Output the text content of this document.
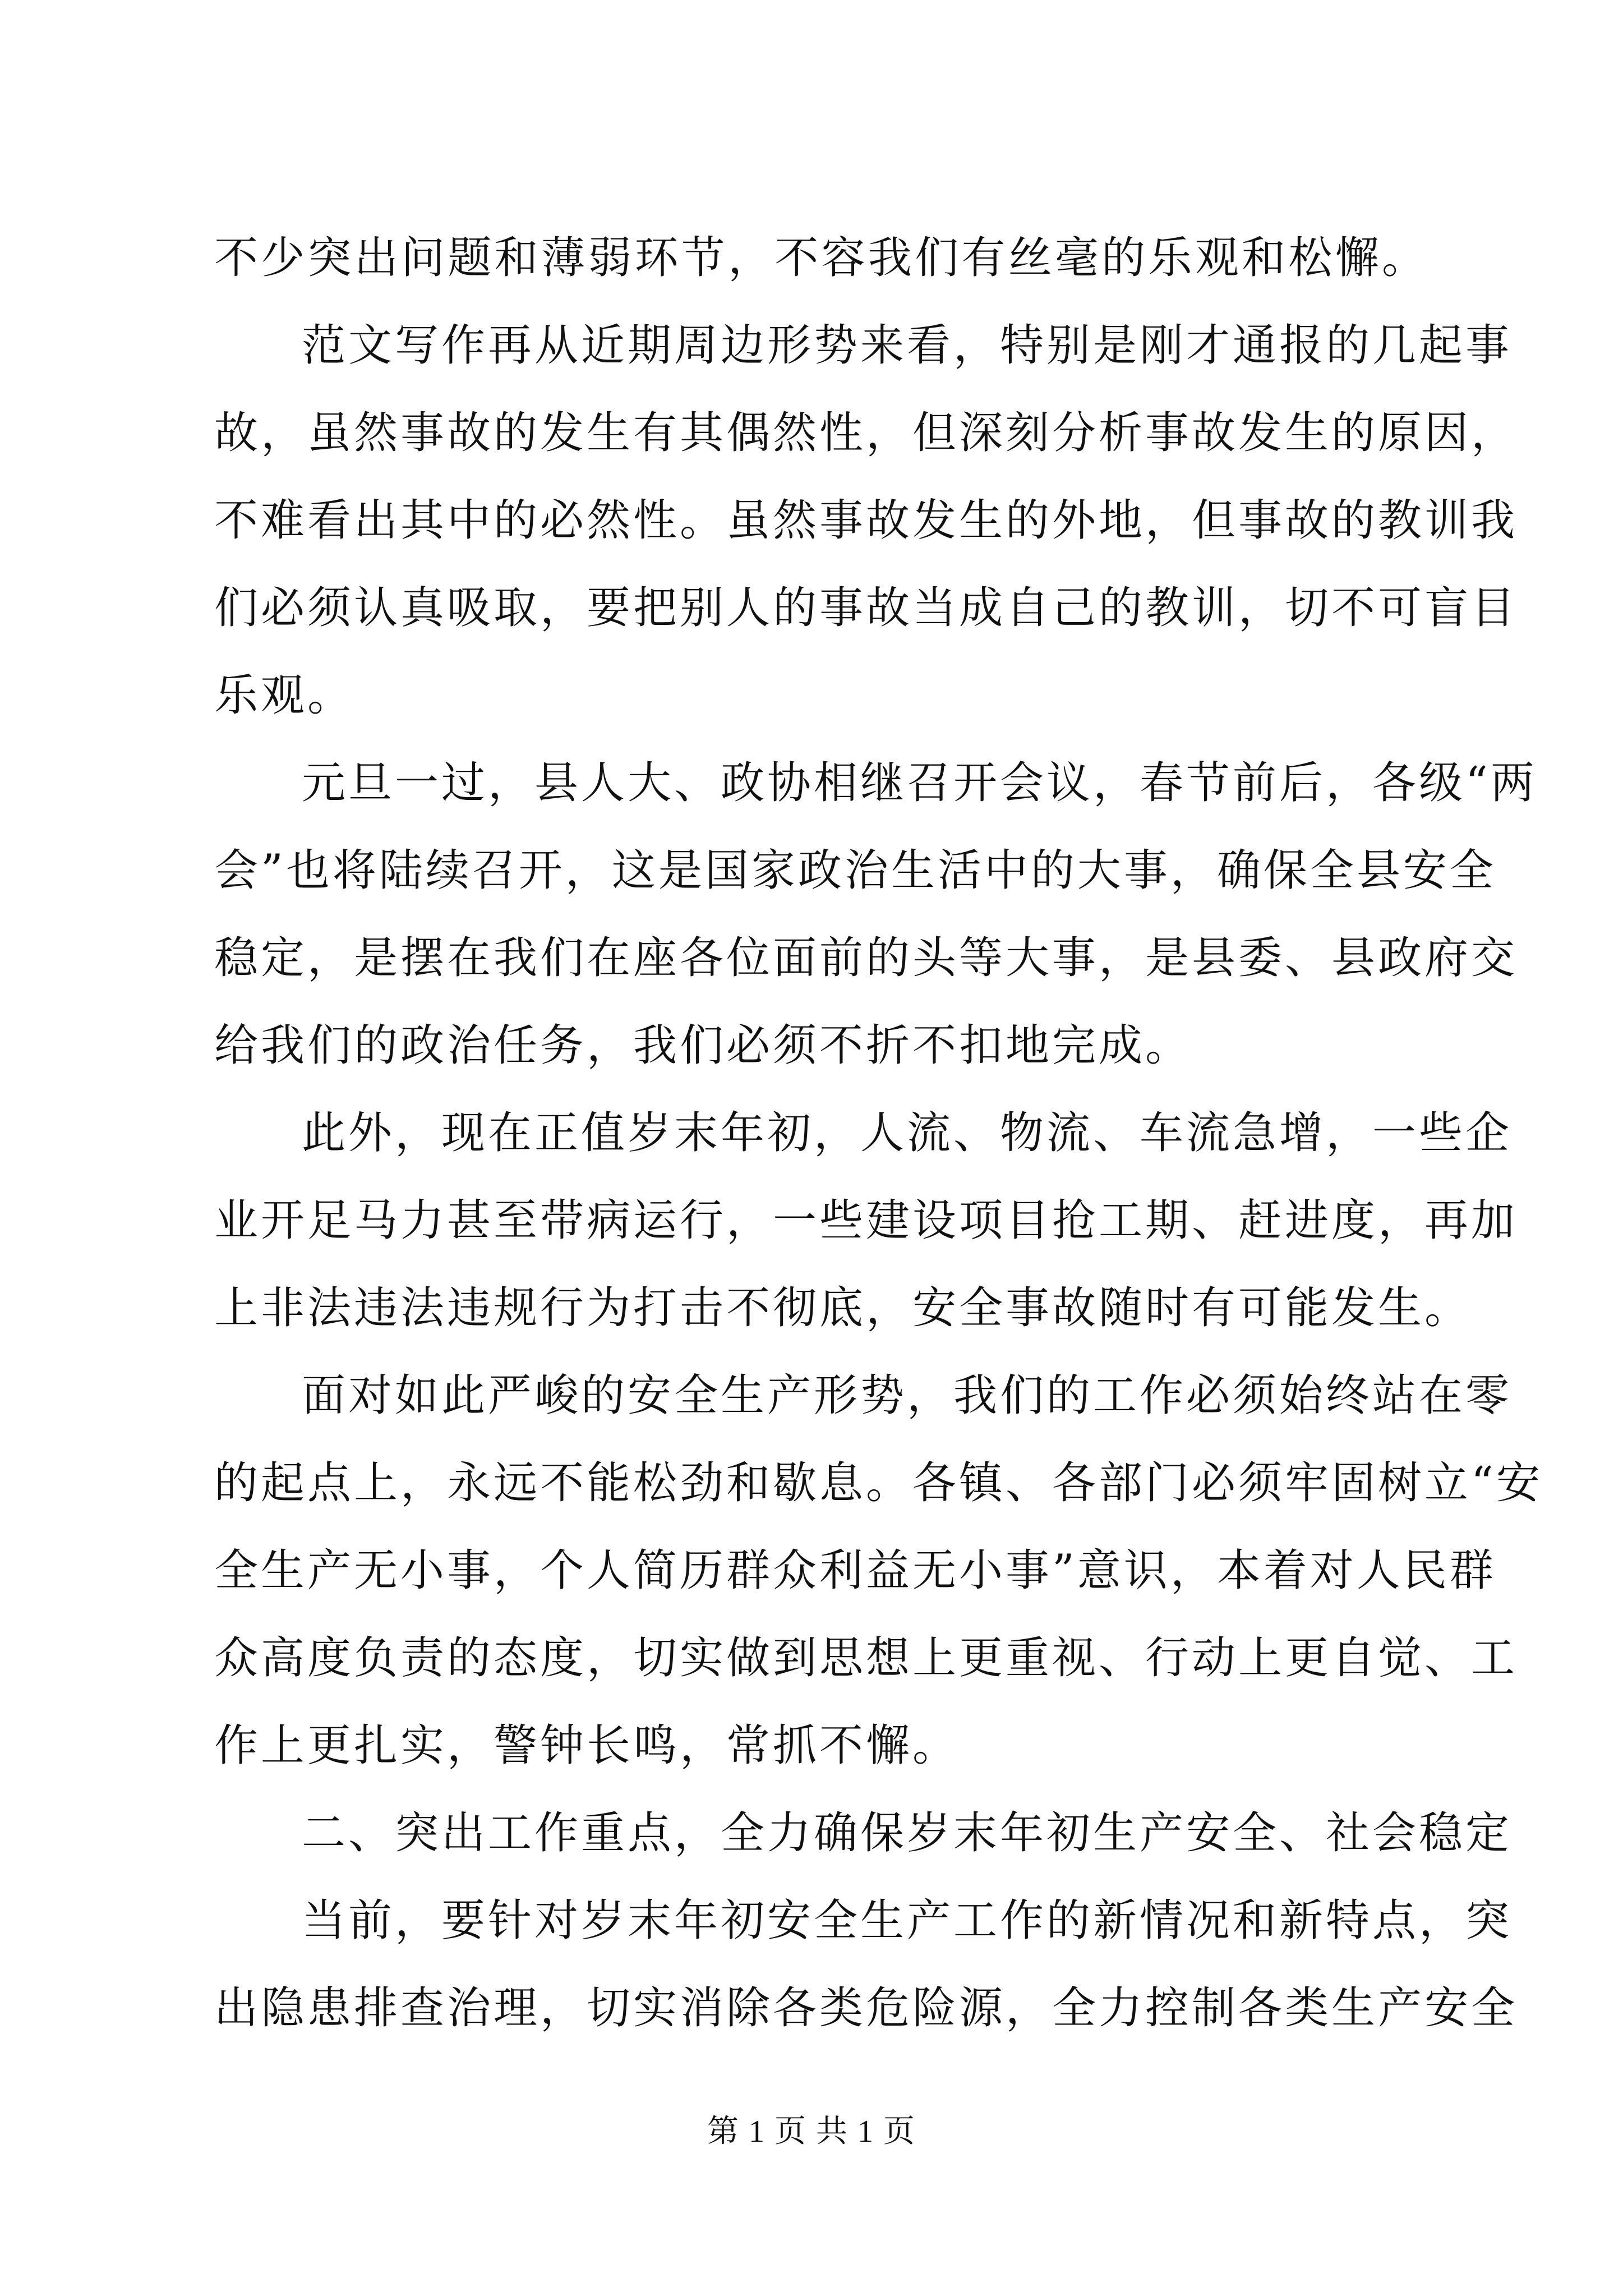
不少突出问题和薄弱环节，不容我们有丝毫的乐观和松懈。
范文写作再从近期周边形势来看，特别是刚才通报的几起事
故，虽然事故的发生有其偶然性，但深刻分析事故发生的原因，
不难看出其中的必然性。虽然事故发生的外地，但事故的教训我
们必须认真吸取，要把别人的事故当成自己的教训，切不可盲目
乐观。
元旦一过，县人大、政协相继召开会议，春节前后，各级“两
会”也将陆续召开，这是国家政治生活中的大事，确保全县安全
稳定，是摆在我们在座各位面前的头等大事，是县委、县政府交
给我们的政治任务，我们必须不折不扣地完成。
此外，现在正值岁末年初，人流、物流、车流急增，一些企
业开足马力甚至带病运行，一些建设项目抢工期、赶进度，再加
上非法违法违规行为打击不彻底，安全事故随时有可能发生。
面对如此严峻的安全生产形势，我们的工作必须始终站在零
的起点上，永远不能松劲和歇息。各镇、各部门必须牢固树立“安
全生产无小事，个人简历群众利益无小事”意识，本着对人民群
众高度负责的态度，切实做到思想上更重视、行动上更自觉、工
作上更扎实，警钟长鸣，常抓不懈。
二、突出工作重点，全力确保岁末年初生产安全、社会稳定
当前，要针对岁末年初安全生产工作的新情况和新特点，突
出隐患排查治理，切实消除各类危险源，全力控制各类生产安全
第 1 页 共 1 页
